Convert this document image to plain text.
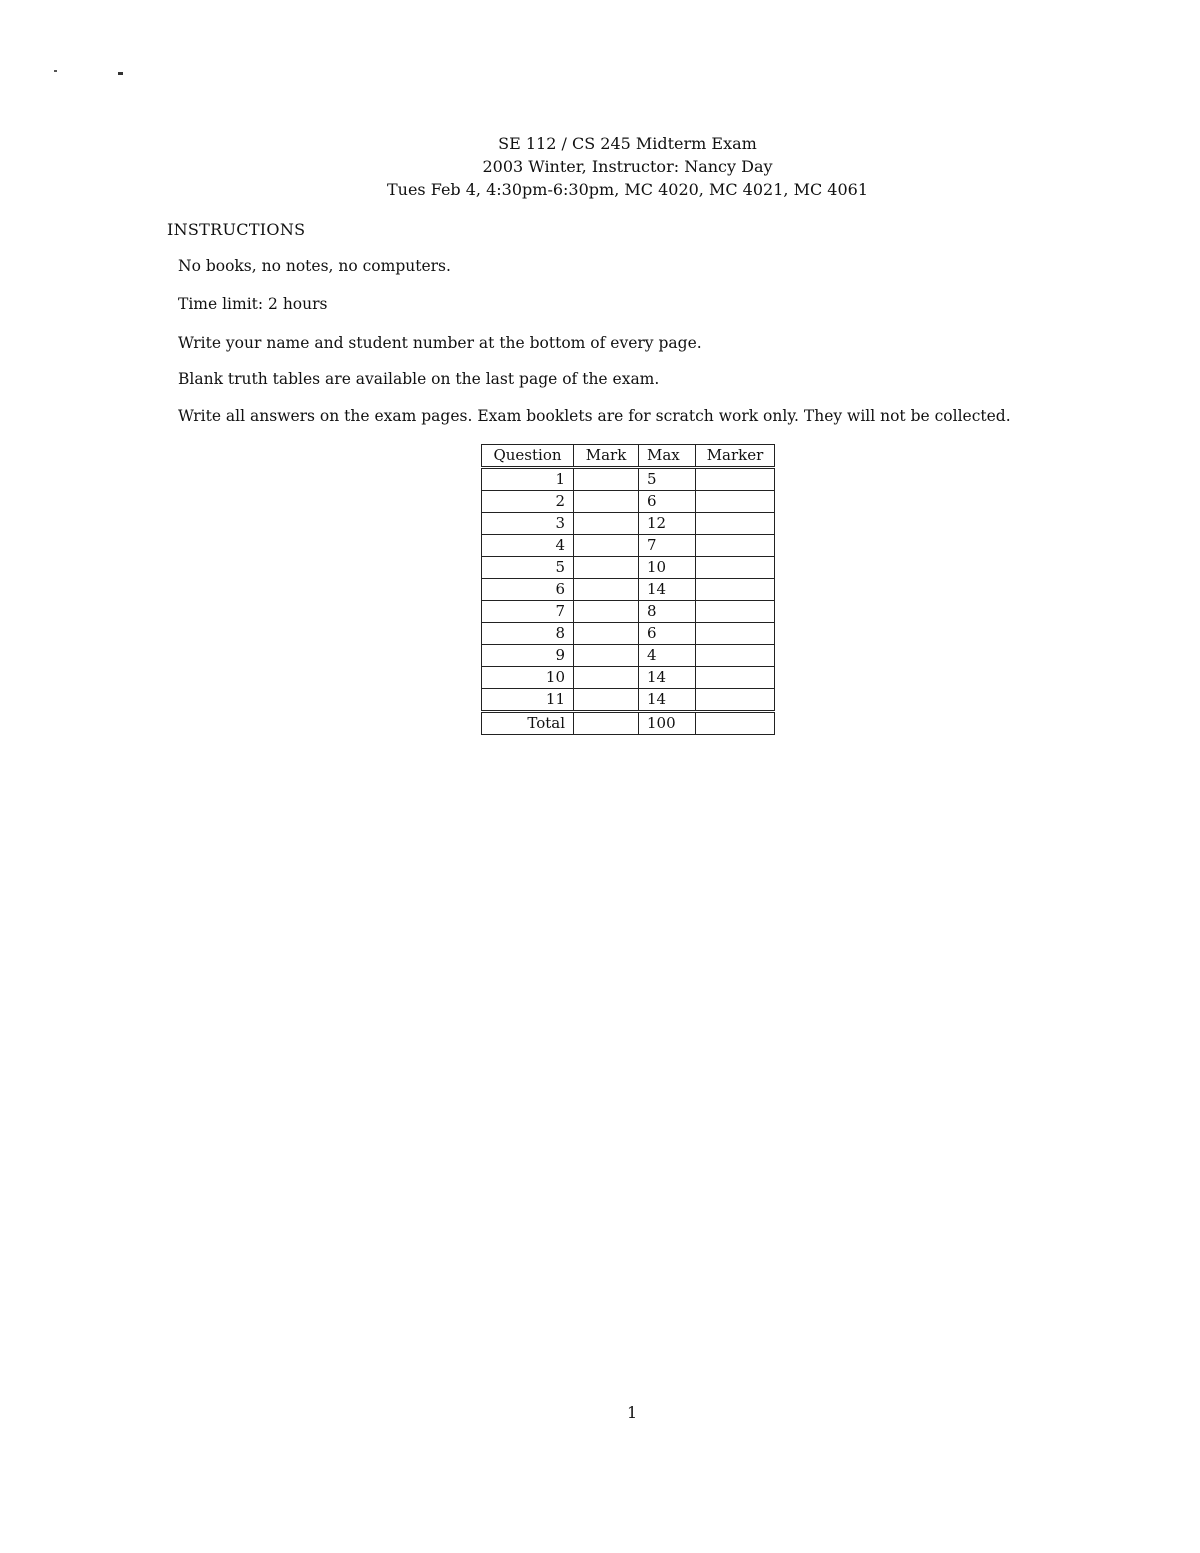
SE 112 / CS 245 Midterm Exam
2003 Winter, Instructor: Nancy Day
Tues Feb 4, 4:30pm-6:30pm, MC 4020, MC 4021, MC 4061
INSTRUCTIONS
No books, no notes, no computers.
Time limit: 2 hours
Write your name and student number at the bottom of every page.
Blank truth tables are available on the last page of the exam.
Write all answers on the exam pages. Exam booklets are for scratch work only. They will not be collected.
Question	Mark	Max	Marker
1		5	
2		6	
3		12	
4		7	
5		10	
6		14	
7		8	
8		6	
9		4	
10		14	
11		14	
Total		100	
1
